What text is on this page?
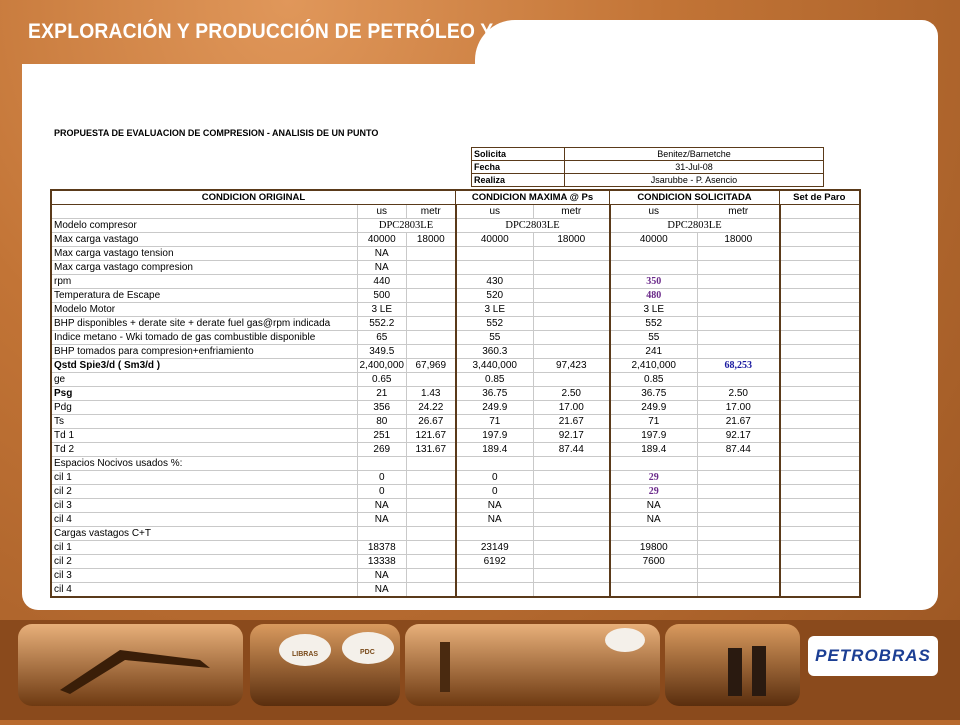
EXPLORACIÓN Y PRODUCCIÓN DE PETRÓLEO Y GAS
PROPUESTA DE EVALUACION DE COMPRESION - ANALISIS DE UN PUNTO
Solicita	Benitez/Barnetche
Fecha	31-Jul-08
Realiza	Jsarubbe - P. Asencio
CONDICION ORIGINAL			CONDICION MAXIMA @ Ps		CONDICION SOLICITADA		Set de Paro
	us	metr	us	metr	us	metr	
Modelo compresor	DPC2803LE		DPC2803LE		DPC2803LE		
Max carga vastago	40000	18000	40000	18000	40000	18000	
Max carga vastago tension	NA						
Max carga vastago compresion	NA						
rpm	440		430		350		
Temperatura de Escape	500		520		480		
Modelo Motor	3 LE		3 LE		3 LE		
BHP disponibles + derate site + derate fuel gas@rpm indicada	552.2		552		552		
Indice metano - Wki tomado de gas combustible disponible	65		55		55		
BHP tomados para compresion+enfriamiento	349.5		360.3		241		
Qstd Spie3/d ( Sm3/d )	2,400,000	67,969	3,440,000	97,423	2,410,000	68,253	
ge	0.65		0.85		0.85		
Psg	21	1.43	36.75	2.50	36.75	2.50	
Pdg	356	24.22	249.9	17.00	249.9	17.00	
Ts	80	26.67	71	21.67	71	21.67	
Td 1	251	121.67	197.9	92.17	197.9	92.17	
Td 2	269	131.67	189.4	87.44	189.4	87.44	
Espacios Nocivos usados %:							
cil 1	0		0		29		
cil 2	0		0		29		
cil 3	NA		NA		NA		
cil 4	NA		NA		NA		
Cargas vastagos C+T							
cil 1	18378		23149		19800		
cil 2	13338		6192		7600		
cil 3	NA						
cil 4	NA						
LIBRAS	PDC	PETROBRAS
